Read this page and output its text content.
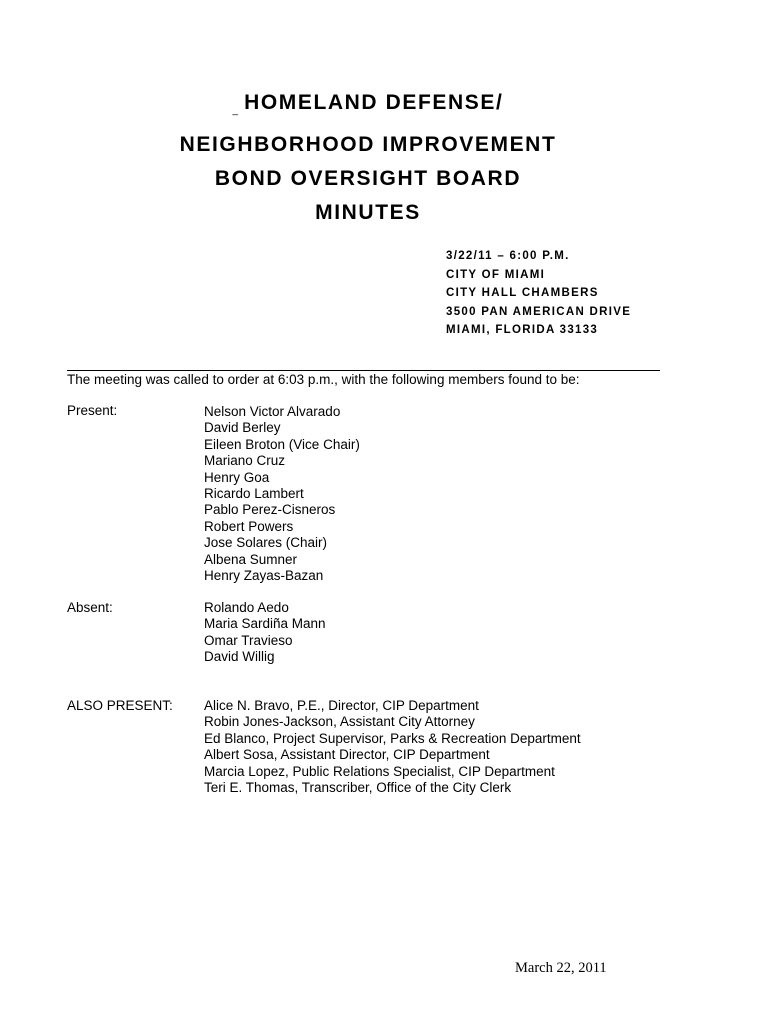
_ HOMELAND DEFENSE/
NEIGHBORHOOD IMPROVEMENT
BOND OVERSIGHT BOARD
MINUTES
3/22/11 – 6:00 P.M.
CITY OF MIAMI
CITY HALL CHAMBERS
3500 PAN AMERICAN DRIVE
MIAMI, FLORIDA 33133
The meeting was called to order at 6:03 p.m., with the following members found to be:
Present:	Nelson Victor Alvarado
David Berley
Eileen Broton (Vice Chair)
Mariano Cruz
Henry Goa
Ricardo Lambert
Pablo Perez-Cisneros
Robert Powers
Jose Solares (Chair)
Albena Sumner
Henry Zayas-Bazan
Absent:	Rolando Aedo
Maria Sardiña Mann
Omar Travieso
David Willig
ALSO PRESENT: Alice N. Bravo, P.E., Director, CIP Department
Robin Jones-Jackson, Assistant City Attorney
Ed Blanco, Project Supervisor, Parks & Recreation Department
Albert Sosa, Assistant Director, CIP Department
Marcia Lopez, Public Relations Specialist, CIP Department
Teri E. Thomas, Transcriber, Office of the City Clerk
March 22, 2011
